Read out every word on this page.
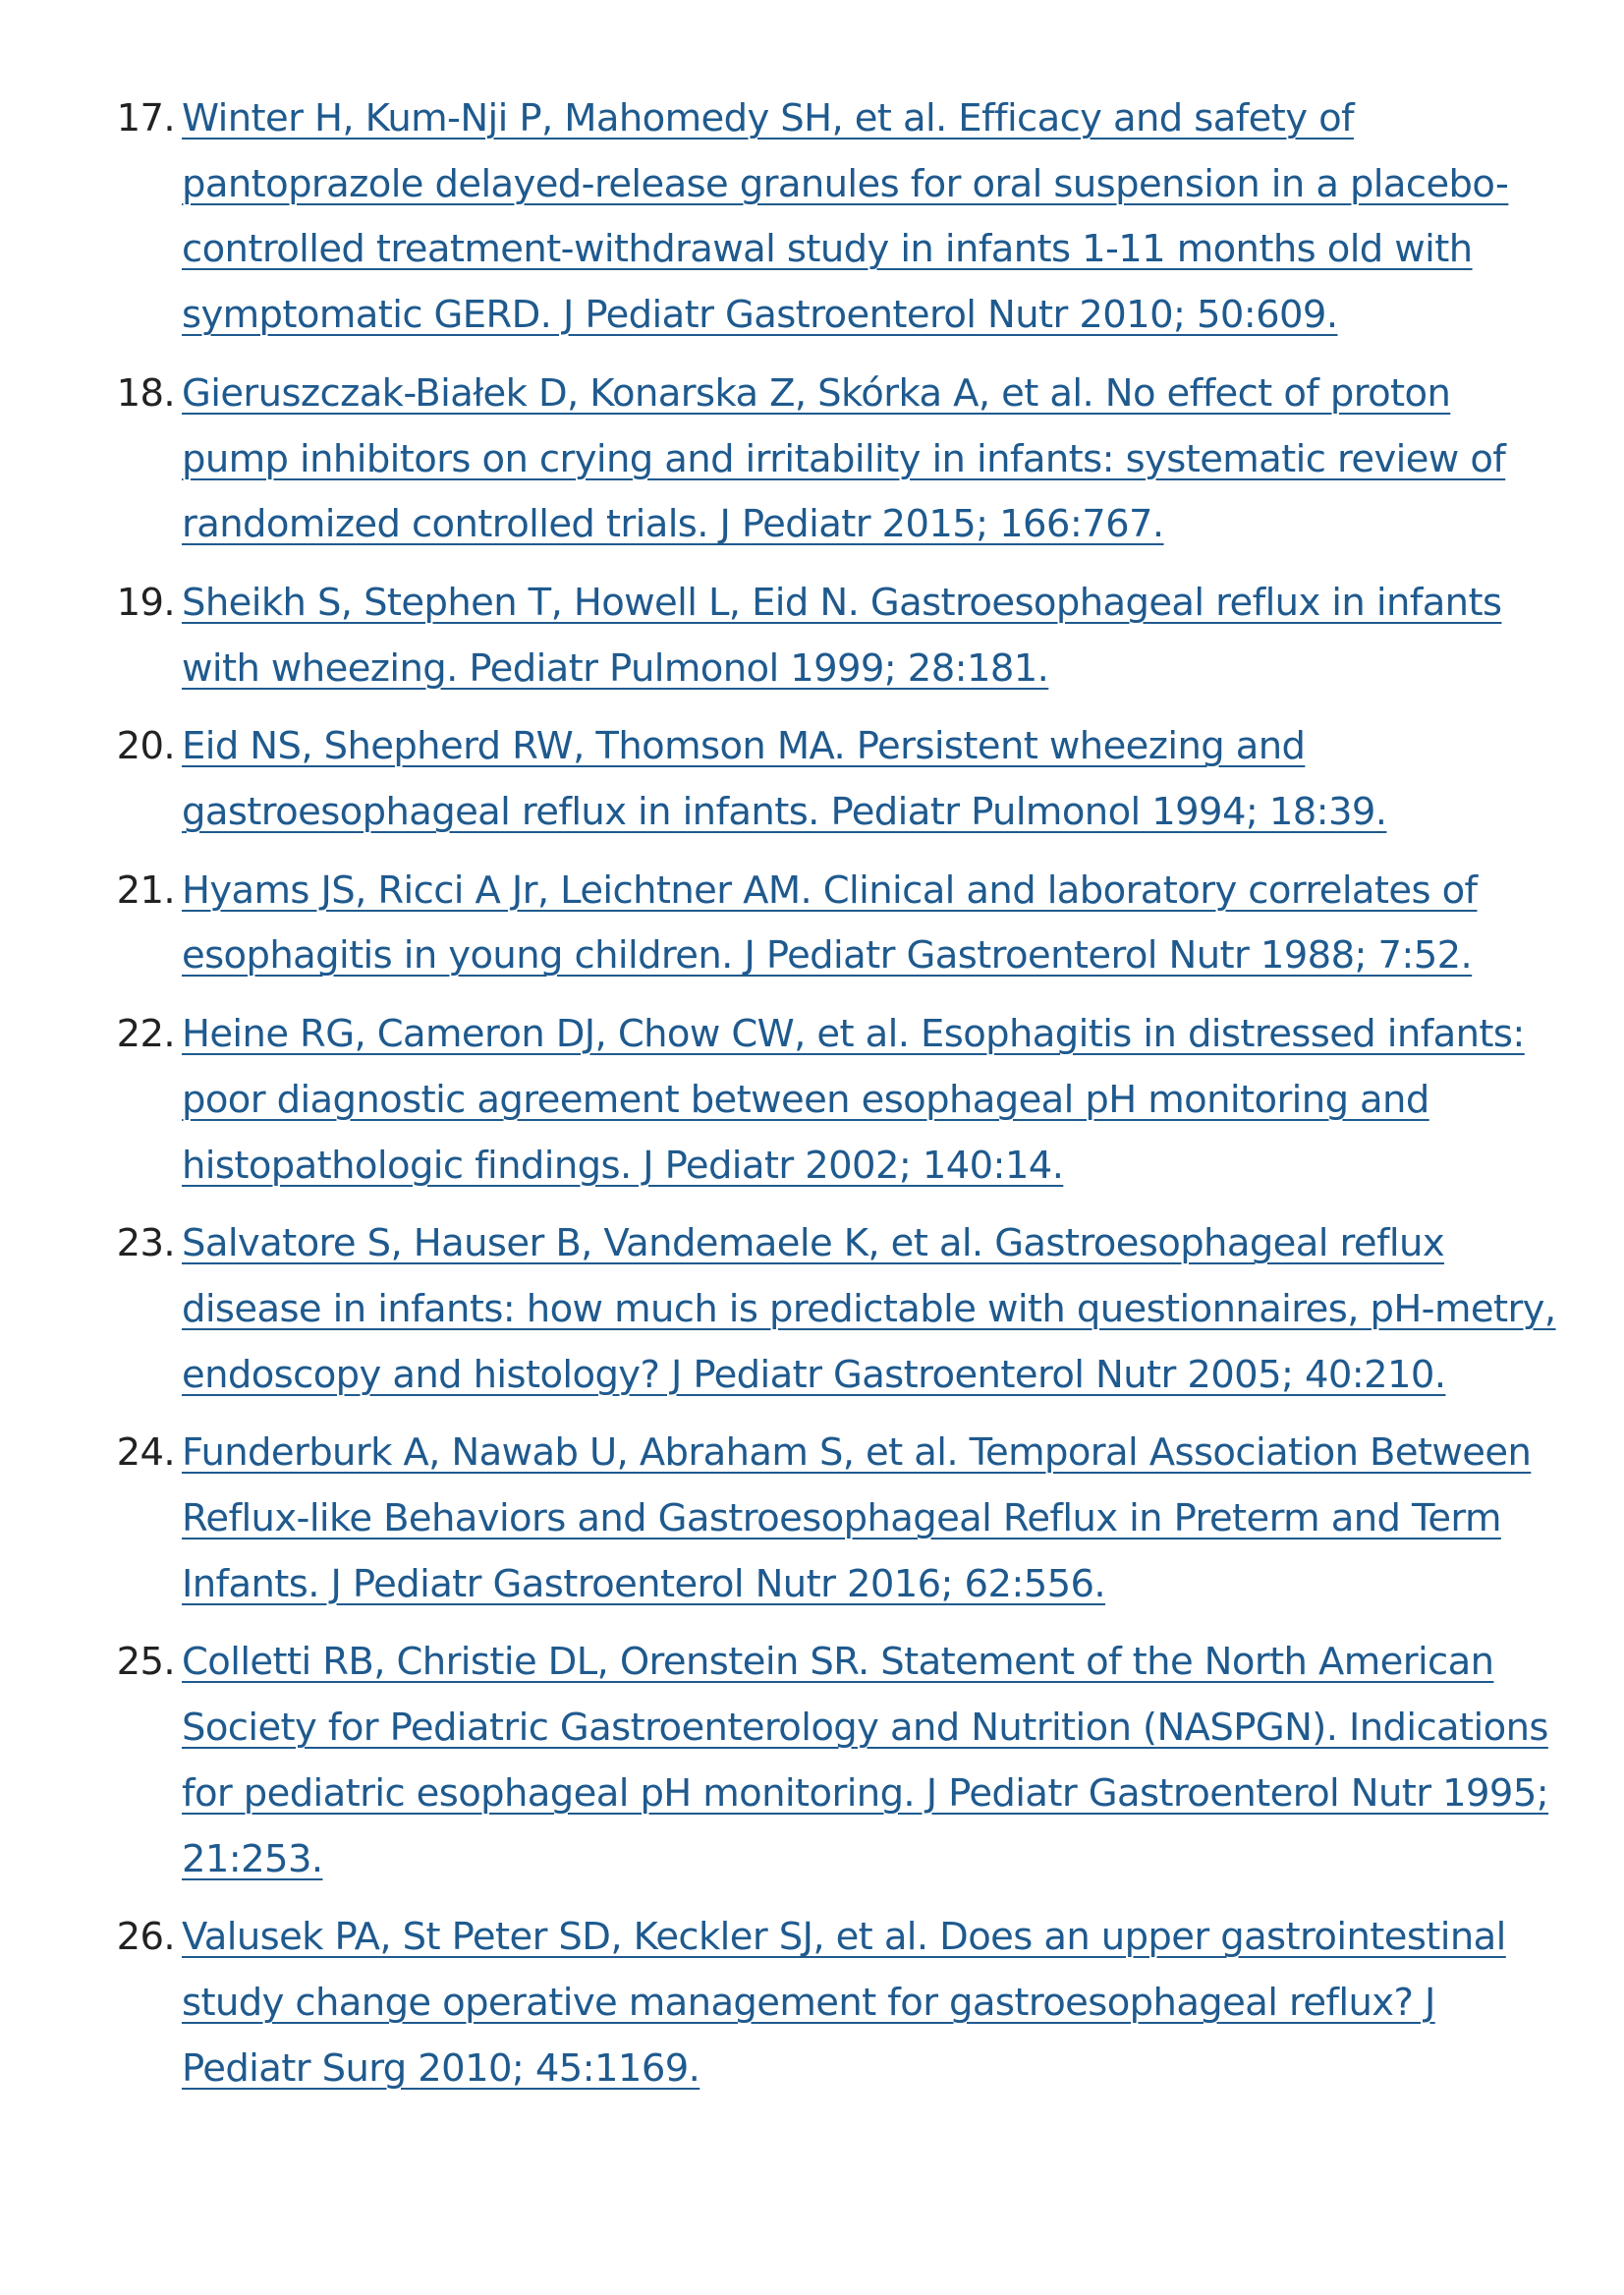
17. Winter H, Kum-Nji P, Mahomedy SH, et al. Efficacy and safety of pantoprazole delayed-release granules for oral suspension in a placebo-controlled treatment-withdrawal study in infants 1-11 months old with symptomatic GERD. J Pediatr Gastroenterol Nutr 2010; 50:609.
18. Gieruszczak-Białek D, Konarska Z, Skórka A, et al. No effect of proton pump inhibitors on crying and irritability in infants: systematic review of randomized controlled trials. J Pediatr 2015; 166:767.
19. Sheikh S, Stephen T, Howell L, Eid N. Gastroesophageal reflux in infants with wheezing. Pediatr Pulmonol 1999; 28:181.
20. Eid NS, Shepherd RW, Thomson MA. Persistent wheezing and gastroesophageal reflux in infants. Pediatr Pulmonol 1994; 18:39.
21. Hyams JS, Ricci A Jr, Leichtner AM. Clinical and laboratory correlates of esophagitis in young children. J Pediatr Gastroenterol Nutr 1988; 7:52.
22. Heine RG, Cameron DJ, Chow CW, et al. Esophagitis in distressed infants: poor diagnostic agreement between esophageal pH monitoring and histopathologic findings. J Pediatr 2002; 140:14.
23. Salvatore S, Hauser B, Vandemaele K, et al. Gastroesophageal reflux disease in infants: how much is predictable with questionnaires, pH-metry, endoscopy and histology? J Pediatr Gastroenterol Nutr 2005; 40:210.
24. Funderburk A, Nawab U, Abraham S, et al. Temporal Association Between Reflux-like Behaviors and Gastroesophageal Reflux in Preterm and Term Infants. J Pediatr Gastroenterol Nutr 2016; 62:556.
25. Colletti RB, Christie DL, Orenstein SR. Statement of the North American Society for Pediatric Gastroenterology and Nutrition (NASPGN). Indications for pediatric esophageal pH monitoring. J Pediatr Gastroenterol Nutr 1995; 21:253.
26. Valusek PA, St Peter SD, Keckler SJ, et al. Does an upper gastrointestinal study change operative management for gastroesophageal reflux? J Pediatr Surg 2010; 45:1169.
